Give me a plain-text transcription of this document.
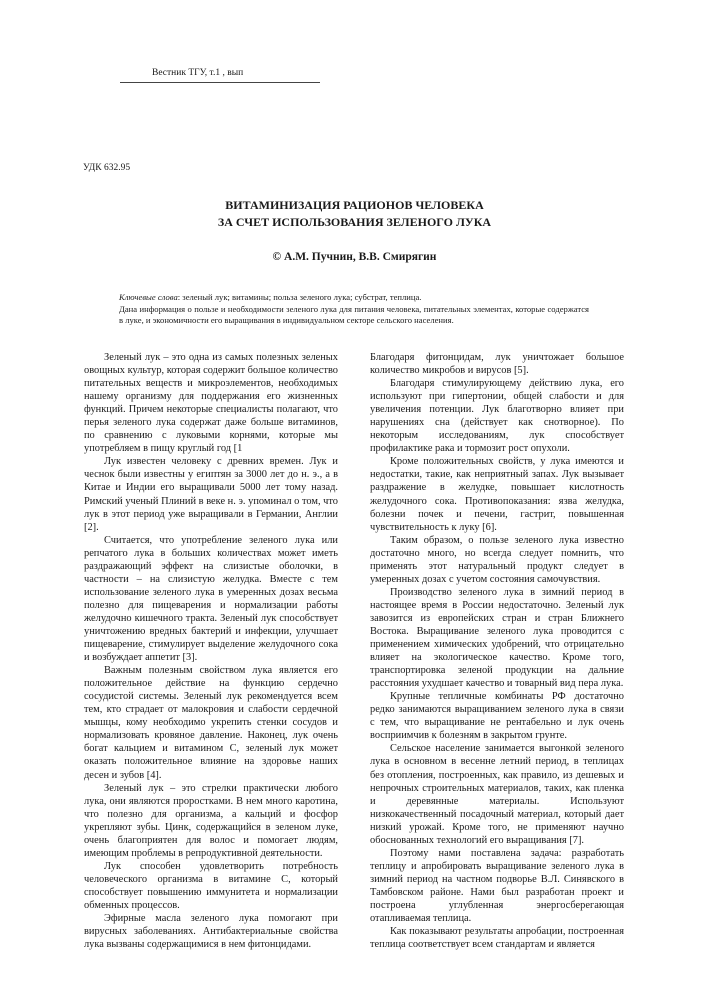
Вестник ТГУ, т.1 , вып
УДК 632.95
ВИТАМИНИЗАЦИЯ РАЦИОНОВ ЧЕЛОВЕКА
ЗА СЧЕТ ИСПОЛЬЗОВАНИЯ ЗЕЛЕНОГО ЛУКА
© А.М. Пучнин, В.В. Смирягин

Ключевые слова: зеленый лук; витамины; польза зеленого лука; субстрат, теплица.

Дана информация о пользе и необходимости зеленого лука для питания человека, питательных элементах, которые содержатся в луке, и экономичности его выращивания в индивидуальном секторе сельского населения.

Зеленый лук – это одна из самых полезных зеленых овощных культур, которая содержит большое количество питательных веществ и микроэлементов, необходимых нашему организму для поддержания его жизненных функций. Причем некоторые специалисты полагают, что перья зеленого лука содержат даже больше витаминов, по сравнению с луковыми корнями, которые мы употребляем в пищу круглый год [1

Лук известен человеку с древних времен. Лук и чеснок были известны у египтян за 3000 лет до н. э., а в Китае и Индии его выращивали 5000 лет тому назад. Римский ученый Плиний в веке н. э. упоминал о том, что лук в этот период уже выращивали в Германии, Англии [2].

Считается, что употребление зеленого лука или репчатого лука в больших количествах может иметь раздражающий эффект на слизистые оболочки, в частности – на слизистую желудка. Вместе с тем использование зеленого лука в умеренных дозах весьма полезно для пищеварения и нормализации работы желудочно кишечного тракта. Зеленый лук способствует уничтожению вредных бактерий и инфекции, улучшает пищеварение, стимулирует выделение желудочного сока и возбуждает аппетит [3].

Важным полезным свойством лука является его положительное действие на функцию сердечно сосудистой системы. Зеленый лук рекомендуется всем тем, кто страдает от малокровия и слабости сердечной мышцы, кому необходимо укрепить стенки сосудов и нормализовать кровяное давление. Наконец, лук очень богат кальцием и витамином С, зеленый лук может оказать положительное влияние на здоровье наших десен и зубов [4].

Зеленый лук – это стрелки практически любого лука, они являются проростками. В нем много каротина, что полезно для организма, а кальций и фосфор укрепляют зубы. Цинк, содержащийся в зеленом луке, очень благоприятен для волос и помогает людям, имеющим проблемы в репродуктивной деятельности.

Лук способен удовлетворить потребность человеческого организма в витамине С, который способствует повышению иммунитета и нормализации обменных процессов.

Эфирные масла зеленого лука помогают при вирусных заболеваниях. Антибактериальные свойства лука вызваны содержащимися в нем фитонцидами.

Благодаря фитонцидам, лук уничтожает большое количество микробов и вирусов [5].

Благодаря стимулирующему действию лука, его используют при гипертонии, общей слабости и для увеличения потенции. Лук благотворно влияет при нарушениях сна (действует как снотворное). По некоторым исследованиям, лук способствует профилактике рака и тормозит рост опухоли.

Кроме положительных свойств, у лука имеются и недостатки, такие, как неприятный запах. Лук вызывает раздражение в желудке, повышает кислотность желудочного сока. Противопоказания: язва желудка, болезни почек и печени, гастрит, повышенная чувствительность к луку [6].

Таким образом, о пользе зеленого лука известно достаточно много, но всегда следует помнить, что применять этот натуральный продукт следует в умеренных дозах с учетом состояния самочувствия.

Производство зеленого лука в зимний период в настоящее время в России недостаточно. Зеленый лук завозится из европейских стран и стран Ближнего Востока. Выращивание зеленого лука проводится с применением химических удобрений, что отрицательно влияет на экологическое качество. Кроме того, транспортировка зеленой продукции на дальние расстояния ухудшает качество и товарный вид пера лука.

Крупные тепличные комбинаты РФ достаточно редко занимаются выращиванием зеленого лука в связи с тем, что выращивание не рентабельно и лук очень восприимчив к болезням в закрытом грунте.

Сельское население занимается выгонкой зеленого лука в основном в весенне летний период, в теплицах без отопления, построенных, как правило, из дешевых и непрочных строительных материалов, таких, как пленка и деревянные материалы. Используют низкокачественный посадочный материал, который дает низкий урожай. Кроме того, не применяют научно обоснованных технологий его выращивания [7].

Поэтому нами поставлена задача: разработать теплицу и апробировать выращивание зеленого лука в зимний период на частном подворье В.Л. Синявского в Тамбовском районе. Нами был разработан проект и построена углубленная энергосберегающая отапливаемая теплица.

Как показывают результаты апробации, построенная теплица соответствует всем стандартам и является
